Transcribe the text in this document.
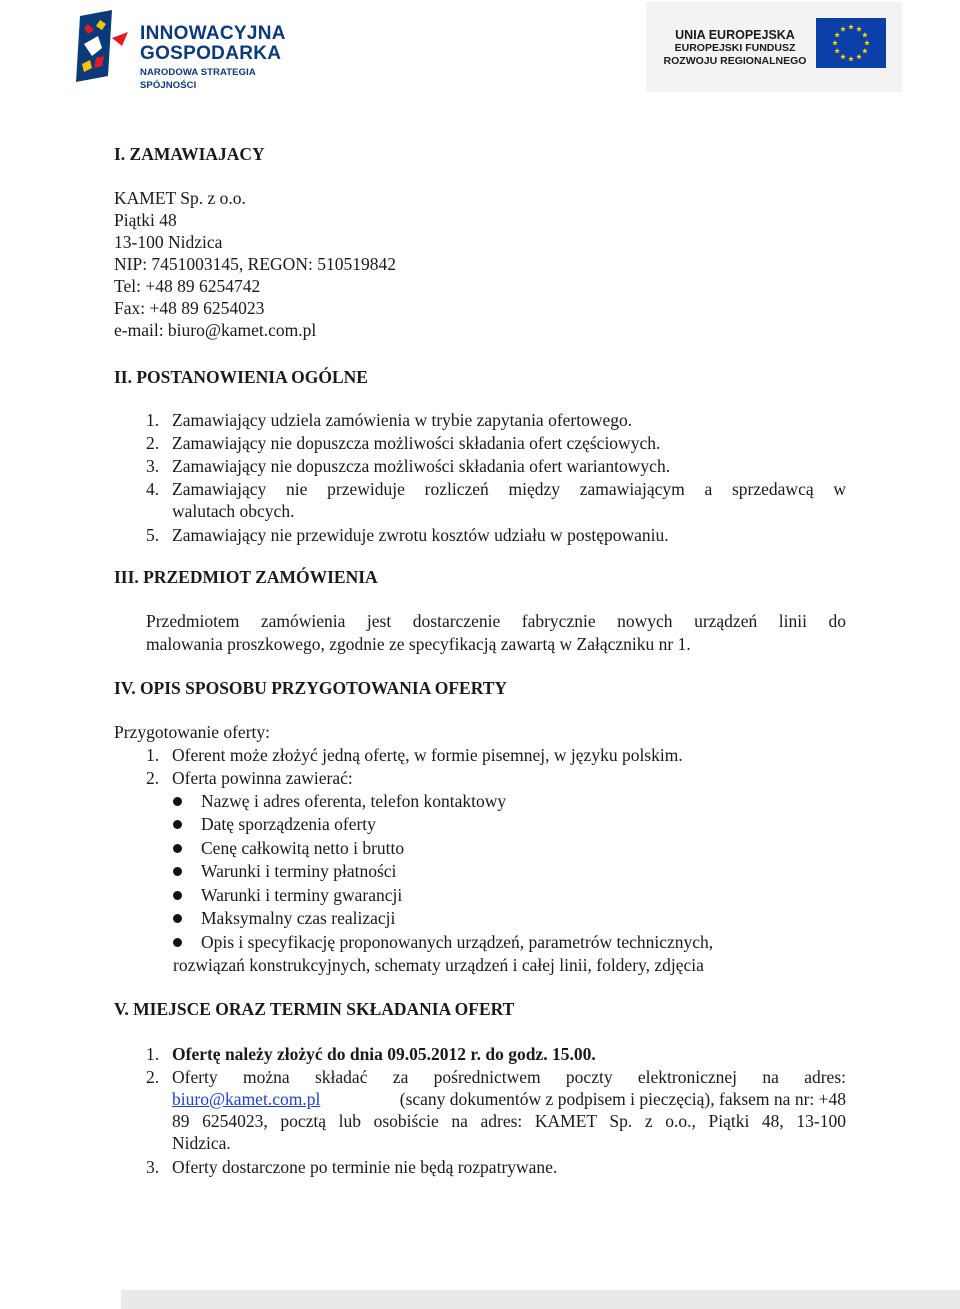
INNOWACYJNA
GOSPODARKA
NARODOWA STRATEGIA SPÓJNOŚCI
UNIA EUROPEJSKA
EUROPEJSKI FUNDUSZ
ROZWOJU REGIONALNEGO
I. ZAMAWIAJACY
KAMET Sp. z o.o.
Piątki 48
13-100 Nidzica
NIP: 7451003145, REGON: 510519842
Tel: +48 89 6254742
Fax: +48 89 6254023
e-mail: biuro@kamet.com.pl
II. POSTANOWIENIA OGÓLNE
1. Zamawiający udziela zamówienia w trybie zapytania ofertowego.
2. Zamawiający nie dopuszcza możliwości składania ofert częściowych.
3. Zamawiający nie dopuszcza możliwości składania ofert wariantowych.
4. Zamawiający nie przewiduje rozliczeń między zamawiającym a sprzedawcą w
walutach obcych.
5. Zamawiający nie przewiduje zwrotu kosztów udziału w postępowaniu.
III. PRZEDMIOT ZAMÓWIENIA
Przedmiotem zamówienia jest dostarczenie fabrycznie nowych urządzeń linii do
malowania proszkowego, zgodnie ze specyfikacją zawartą w Załączniku nr 1.
IV. OPIS SPOSOBU PRZYGOTOWANIA OFERTY
Przygotowanie oferty:
1. Oferent może złożyć jedną ofertę, w formie pisemnej, w języku polskim.
2. Oferta powinna zawierać:
Nazwę i adres oferenta, telefon kontaktowy
Datę sporządzenia oferty
Cenę całkowitą netto i brutto
Warunki i terminy płatności
Warunki i terminy gwarancji
Maksymalny czas realizacji
Opis i specyfikację proponowanych urządzeń, parametrów technicznych,
rozwiązań konstrukcyjnych, schematy urządzeń i całej linii, foldery, zdjęcia
V. MIEJSCE ORAZ TERMIN SKŁADANIA OFERT
1. Ofertę należy złożyć do dnia 09.05.2012 r. do godz. 15.00.
2. Oferty można składać za pośrednictwem poczty elektronicznej na adres:
biuro@kamet.com.pl	(scany dokumentów z podpisem i pieczęcią), faksem na nr: +48
89 6254023, pocztą lub osobiście na adres: KAMET Sp. z o.o., Piątki 48, 13-100
Nidzica.
3. Oferty dostarczone po terminie nie będą rozpatrywane.
